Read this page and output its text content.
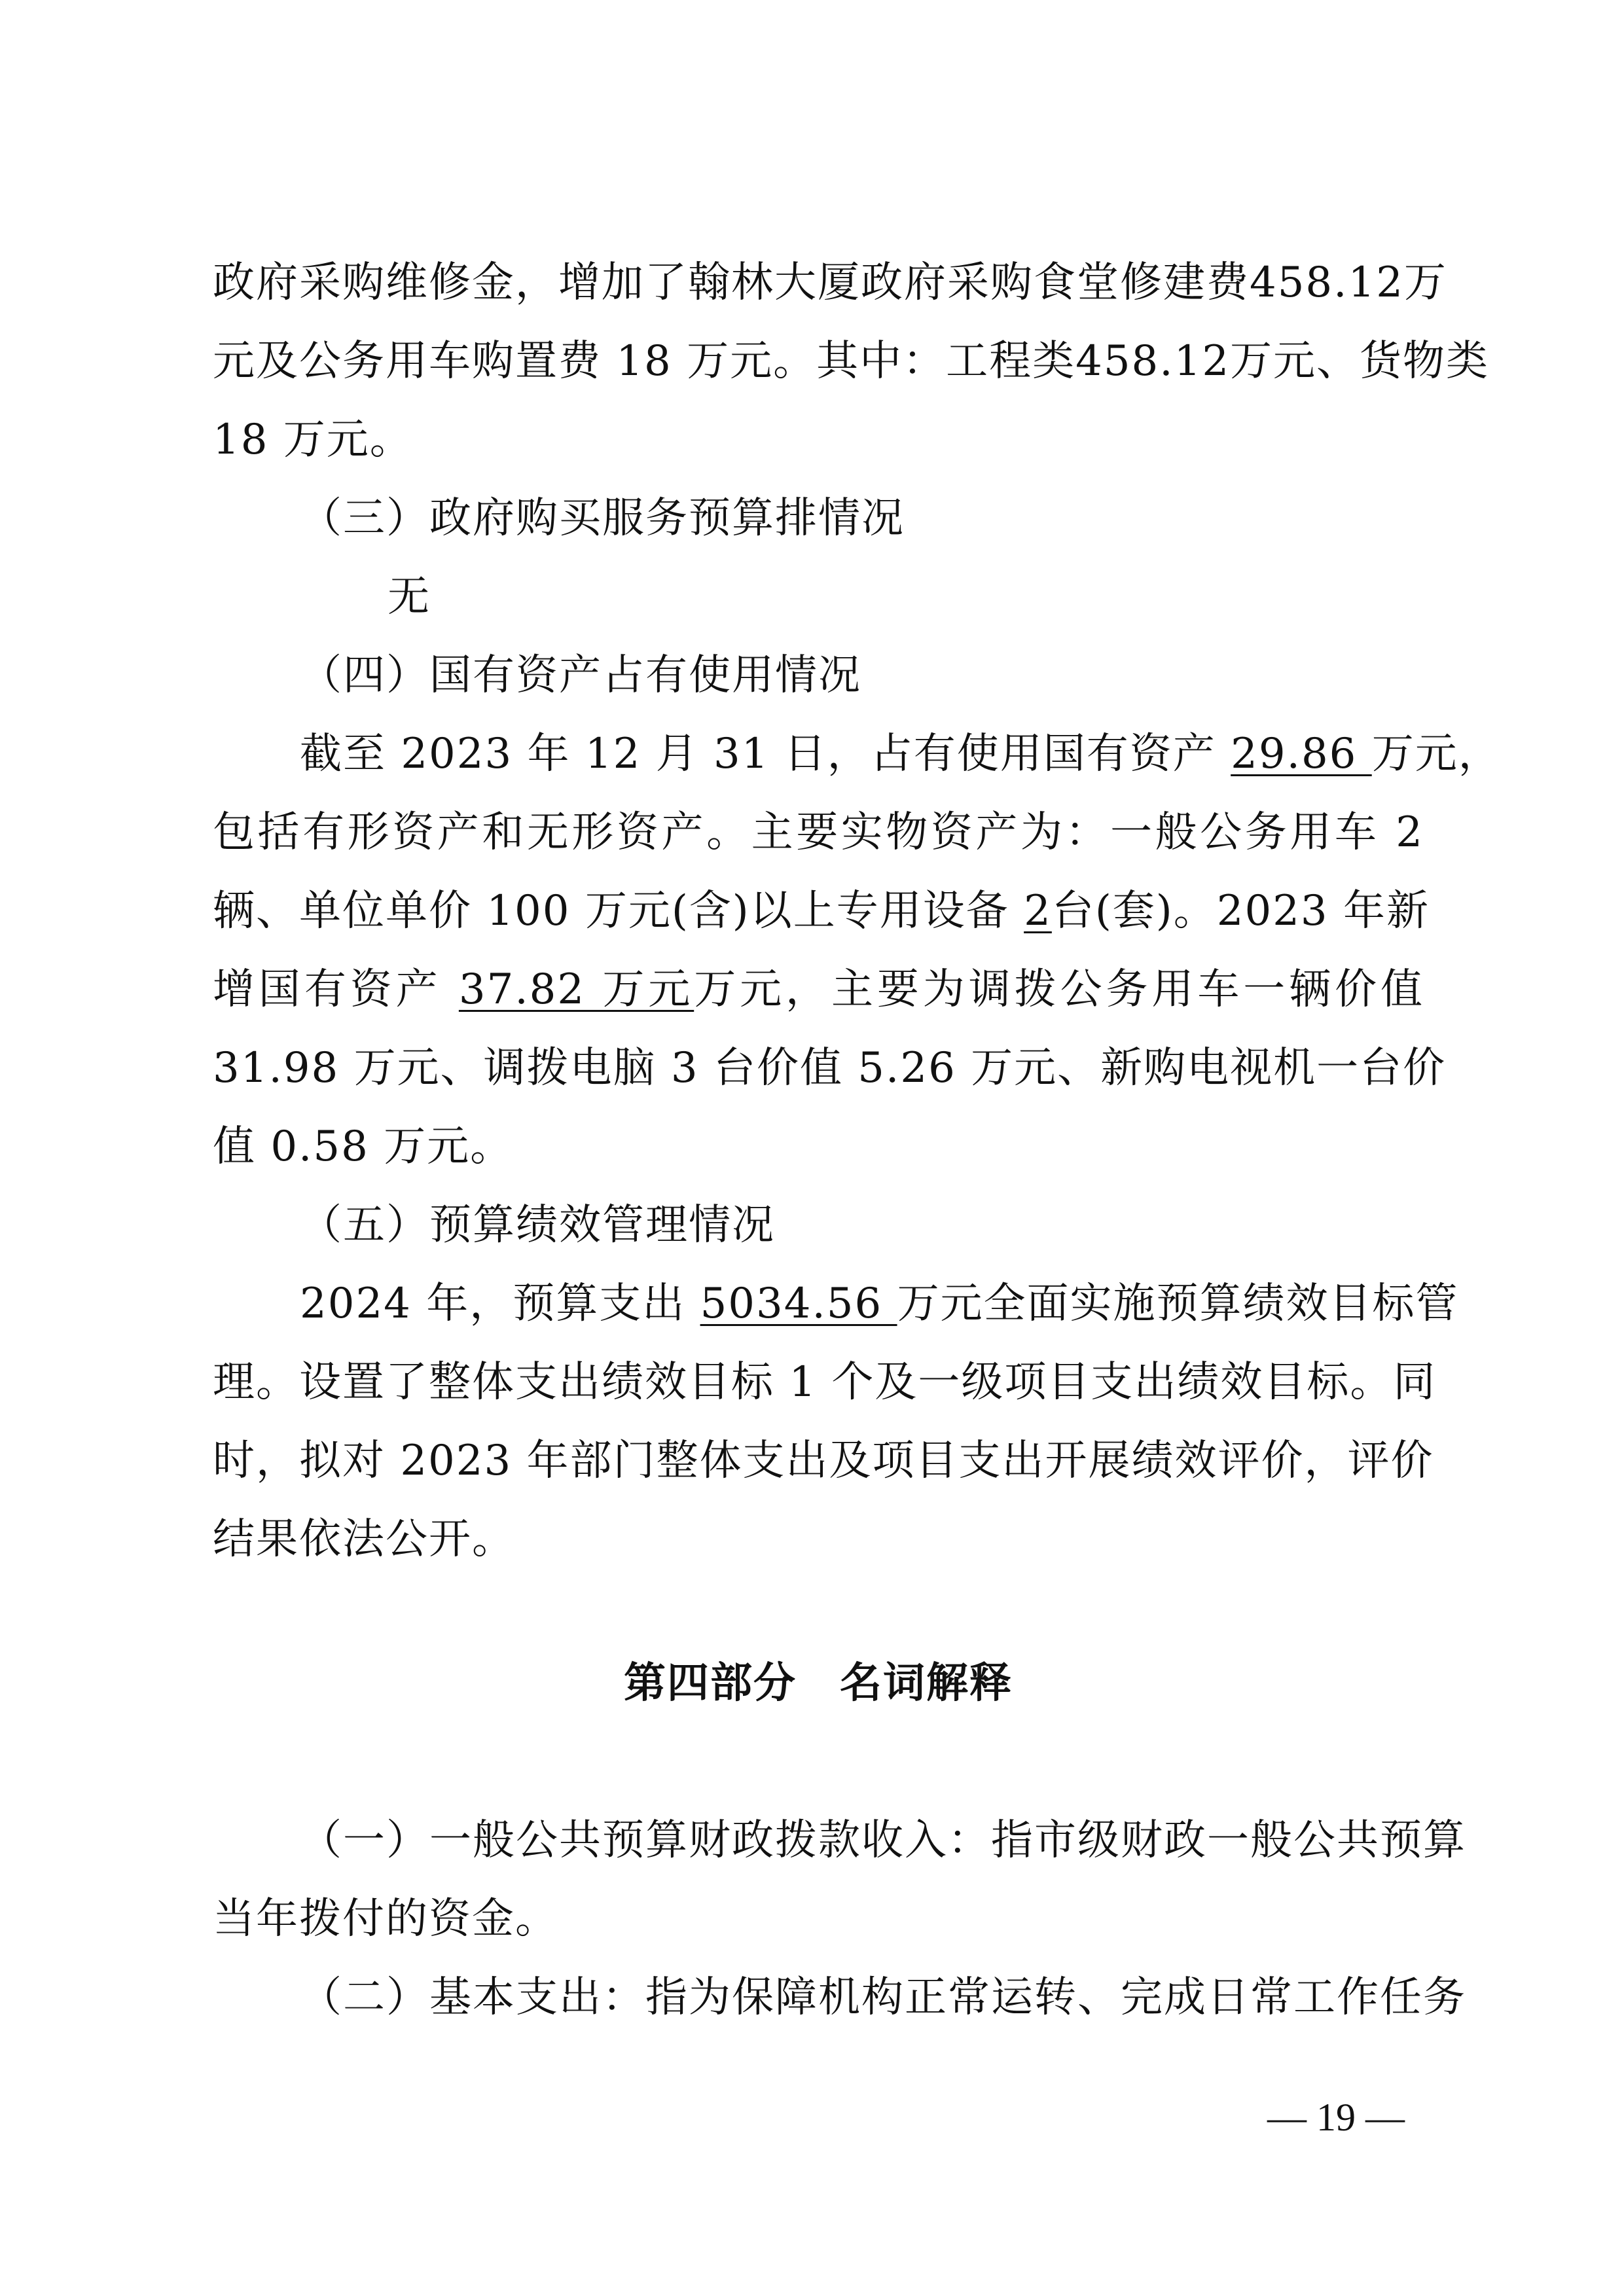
政府采购维修金，增加了翰林大厦政府采购食堂修建费458.12万
元及公务用车购置费 18 万元。其中：工程类458.12万元、货物类
18 万元。
（三）政府购买服务预算排情况
无
（四）国有资产占有使用情况
截至 2023 年 12 月 31 日，占有使用国有资产 29.86 万元，
包括有形资产和无形资产。主要实物资产为：一般公务用车 2
辆、单位单价 100 万元(含)以上专用设备 2台(套)。2023 年新
增国有资产 37.82 万元万元，主要为调拨公务用车一辆价值
31.98 万元、调拨电脑 3 台价值 5.26 万元、新购电视机一台价
值 0.58 万元。
（五）预算绩效管理情况
2024 年，预算支出 5034.56 万元全面实施预算绩效目标管
理。设置了整体支出绩效目标 1 个及一级项目支出绩效目标。同
时，拟对 2023 年部门整体支出及项目支出开展绩效评价，评价
结果依法公开。
第四部分　名词解释
（一）一般公共预算财政拨款收入：指市级财政一般公共预算
当年拨付的资金。
（二）基本支出：指为保障机构正常运转、完成日常工作任务
— 19 —
